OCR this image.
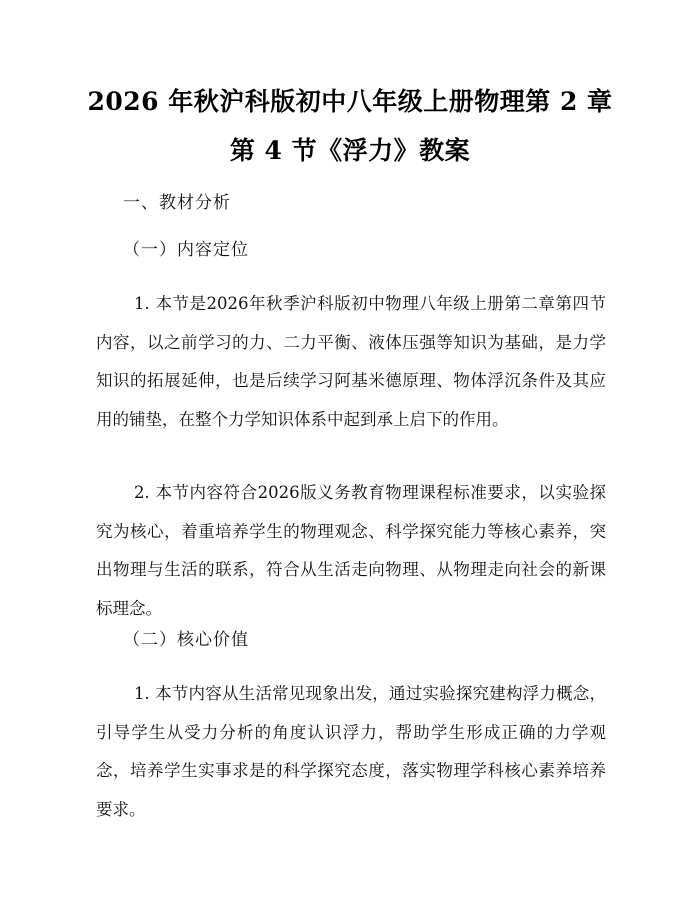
2026 年秋沪科版初中八年级上册物理第 2 章
第 4 节《浮力》教案
一、教材分析
（一）内容定位
1. 本节是2026年秋季沪科版初中物理八年级上册第二章第四节内容，以之前学习的力、二力平衡、液体压强等知识为基础，是力学知识的拓展延伸，也是后续学习阿基米德原理、物体浮沉条件及其应用的铺垫，在整个力学知识体系中起到承上启下的作用。
2. 本节内容符合2026版义务教育物理课程标准要求，以实验探究为核心，着重培养学生的物理观念、科学探究能力等核心素养，突出物理与生活的联系，符合从生活走向物理、从物理走向社会的新课标理念。
（二）核心价值
1. 本节内容从生活常见现象出发，通过实验探究建构浮力概念，引导学生从受力分析的角度认识浮力，帮助学生形成正确的力学观念，培养学生实事求是的科学探究态度，落实物理学科核心素养培养要求。
